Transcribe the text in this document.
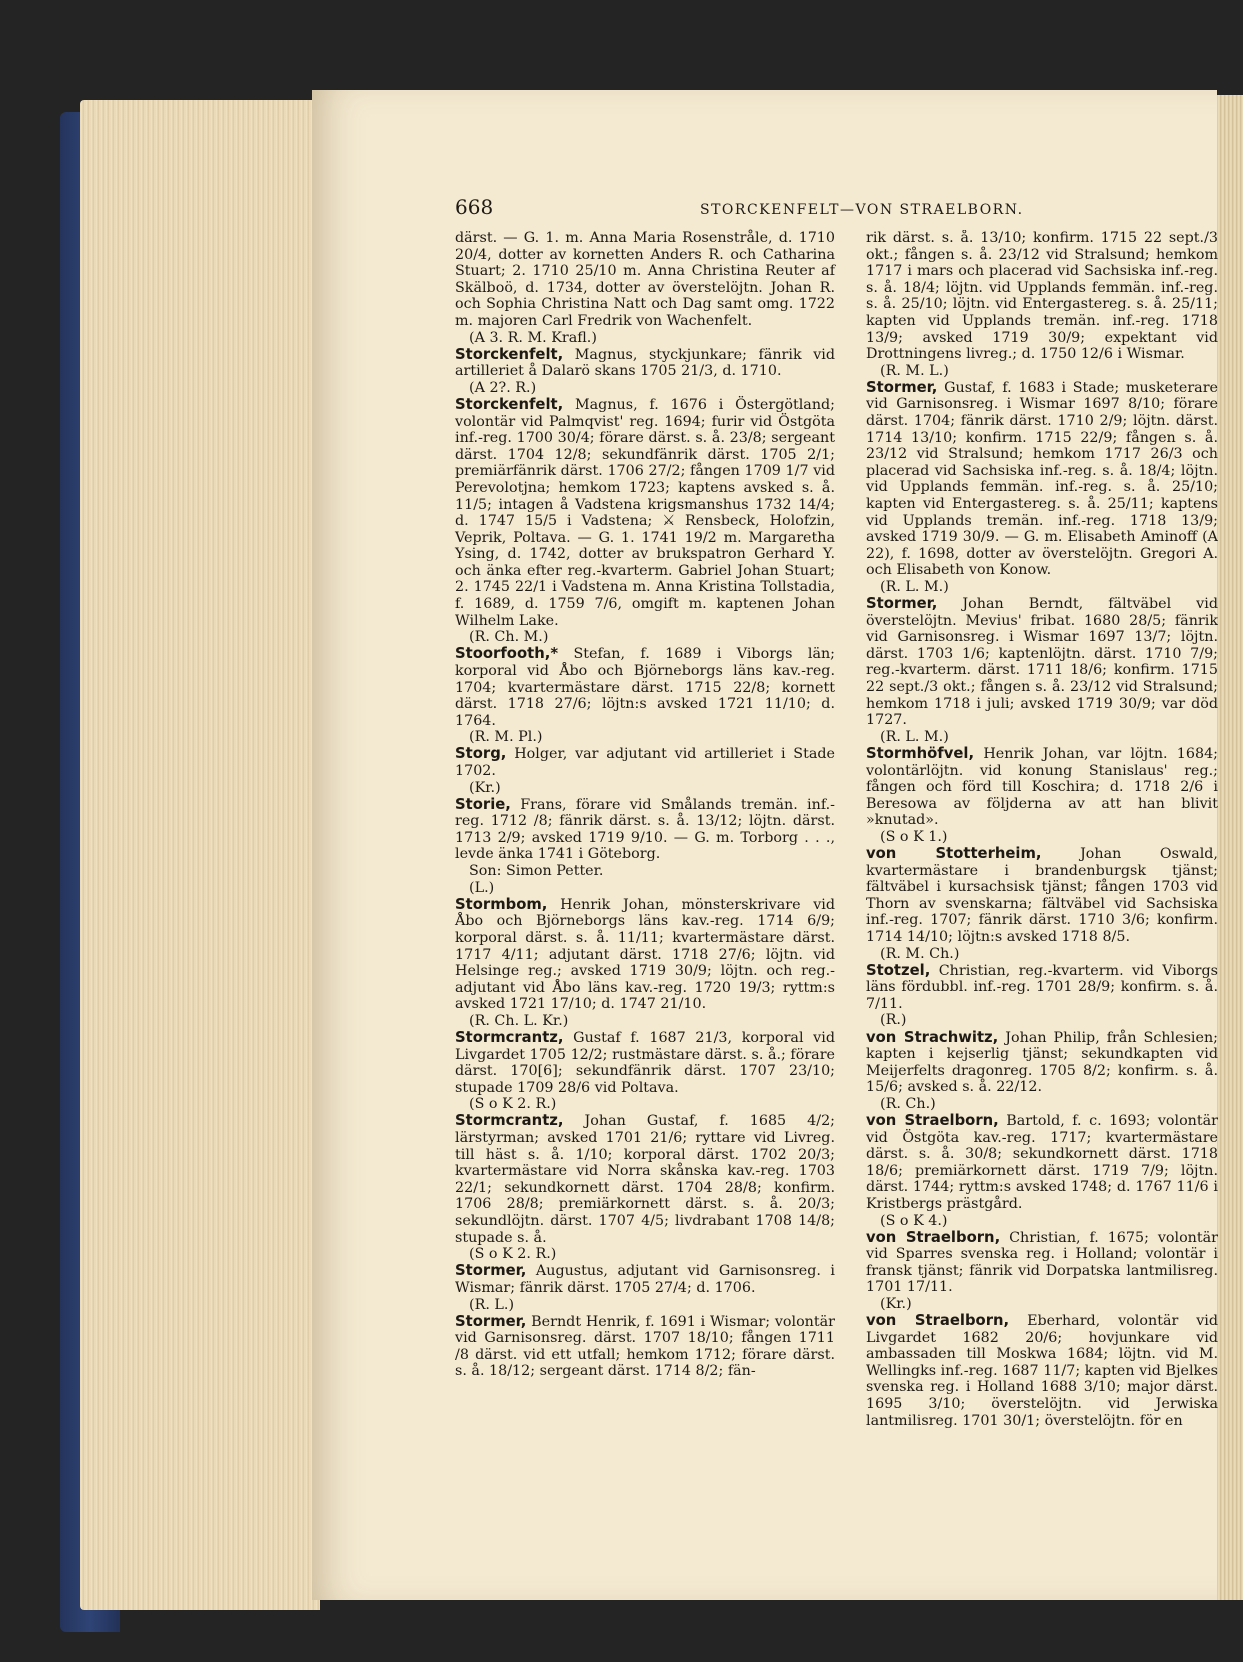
668	STORCKENFELT—VON STRAELBORN.

därst. — G. 1. m. Anna Maria Rosenstråle, d. 1710 20/4, dotter av kornetten Anders R. och Catharina Stuart; 2. 1710 25/10 m. Anna Christina Reuter af Skälboö, d. 1734, dotter av överstelöjtn. Johan R. och Sophia Christina Natt och Dag samt omg. 1722 m. majoren Carl Fredrik von Wachenfelt.

(A 3. R. M. Krafl.)

Storckenfelt, Magnus, styckjunkare; fänrik vid artilleriet å Dalarö skans 1705 21/3, d. 1710.

(A 2?. R.)

Storckenfelt, Magnus, f. 1676 i Östergötland; volontär vid Palmqvist' reg. 1694; furir vid Östgöta inf.-reg. 1700 30/4; förare därst. s. å. 23/8; sergeant därst. 1704 12/8; sekundfänrik därst. 1705 2/1; premiärfänrik därst. 1706 27/2; fången 1709 1/7 vid Perevolotjna; hemkom 1723; kaptens avsked s. å. 11/5; intagen å Vadstena krigsmanshus 1732 14/4; d. 1747 15/5 i Vadstena; ⚔ Rensbeck, Holofzin, Veprik, Poltava. — G. 1. 1741 19/2 m. Margaretha Ysing, d. 1742, dotter av brukspatron Gerhard Y. och änka efter reg.-kvarterm. Gabriel Johan Stuart; 2. 1745 22/1 i Vadstena m. Anna Kristina Tollstadia, f. 1689, d. 1759 7/6, omgift m. kaptenen Johan Wilhelm Lake.

(R. Ch. M.)

Stoorfooth,* Stefan, f. 1689 i Viborgs län; korporal vid Åbo och Björneborgs läns kav.-reg. 1704; kvartermästare därst. 1715 22/8; kornett därst. 1718 27/6; löjtn:s avsked 1721 11/10; d. 1764.

(R. M. Pl.)

Storg, Holger, var adjutant vid artilleriet i Stade 1702.

(Kr.)

Storie, Frans, förare vid Smålands tremän. inf.-reg. 1712 /8; fänrik därst. s. å. 13/12; löjtn. därst. 1713 2/9; avsked 1719 9/10. — G. m. Torborg . . ., levde änka 1741 i Göteborg.

Son: Simon Petter.

(L.)

Stormbom, Henrik Johan, mönsterskrivare vid Åbo och Björneborgs läns kav.-reg. 1714 6/9; korporal därst. s. å. 11/11; kvartermästare därst. 1717 4/11; adjutant därst. 1718 27/6; löjtn. vid Helsinge reg.; avsked 1719 30/9; löjtn. och reg.-adjutant vid Åbo läns kav.-reg. 1720 19/3; ryttm:s avsked 1721 17/10; d. 1747 21/10.

(R. Ch. L. Kr.)

Stormcrantz, Gustaf f. 1687 21/3, korporal vid Livgardet 1705 12/2; rustmästare därst. s. å.; förare därst. 170[6]; sekundfänrik därst. 1707 23/10; stupade 1709 28/6 vid Poltava.

(S o K 2. R.)

Stormcrantz, Johan Gustaf, f. 1685 4/2; lärstyrman; avsked 1701 21/6; ryttare vid Livreg. till häst s. å. 1/10; korporal därst. 1702 20/3; kvartermästare vid Norra skånska kav.-reg. 1703 22/1; sekundkornett därst. 1704 28/8; konfirm. 1706 28/8; premiärkornett därst. s. å. 20/3; sekundlöjtn. därst. 1707 4/5; livdrabant 1708 14/8; stupade s. å.

(S o K 2. R.)

Stormer, Augustus, adjutant vid Garnisonsreg. i Wismar; fänrik därst. 1705 27/4; d. 1706.

(R. L.)

Stormer, Berndt Henrik, f. 1691 i Wismar; volontär vid Garnisonsreg. därst. 1707 18/10; fången 1711 /8 därst. vid ett utfall; hemkom 1712; förare därst. s. å. 18/12; sergeant därst. 1714 8/2; fän-

rik därst. s. å. 13/10; konfirm. 1715 22 sept./3 okt.; fången s. å. 23/12 vid Stralsund; hemkom 1717 i mars och placerad vid Sachsiska inf.-reg. s. å. 18/4; löjtn. vid Upplands femmän. inf.-reg. s. å. 25/10; löjtn. vid Entergastereg. s. å. 25/11; kapten vid Upplands tremän. inf.-reg. 1718 13/9; avsked 1719 30/9; expektant vid Drottningens livreg.; d. 1750 12/6 i Wismar.

(R. M. L.)

Stormer, Gustaf, f. 1683 i Stade; musketerare vid Garnisonsreg. i Wismar 1697 8/10; förare därst. 1704; fänrik därst. 1710 2/9; löjtn. därst. 1714 13/10; konfirm. 1715 22/9; fången s. å. 23/12 vid Stralsund; hemkom 1717 26/3 och placerad vid Sachsiska inf.-reg. s. å. 18/4; löjtn. vid Upplands femmän. inf.-reg. s. å. 25/10; kapten vid Entergastereg. s. å. 25/11; kaptens vid Upplands tremän. inf.-reg. 1718 13/9; avsked 1719 30/9. — G. m. Elisabeth Aminoff (A 22), f. 1698, dotter av överstelöjtn. Gregori A. och Elisabeth von Konow.

(R. L. M.)

Stormer, Johan Berndt, fältväbel vid överstelöjtn. Mevius' fribat. 1680 28/5; fänrik vid Garnisonsreg. i Wismar 1697 13/7; löjtn. därst. 1703 1/6; kaptenlöjtn. därst. 1710 7/9; reg.-kvarterm. därst. 1711 18/6; konfirm. 1715 22 sept./3 okt.; fången s. å. 23/12 vid Stralsund; hemkom 1718 i juli; avsked 1719 30/9; var död 1727.

(R. L. M.)

Stormhöfvel, Henrik Johan, var löjtn. 1684; volontärlöjtn. vid konung Stanislaus' reg.; fången och förd till Koschira; d. 1718 2/6 i Beresowa av följderna av att han blivit »knutad».

(S o K 1.)

von Stotterheim, Johan Oswald, kvartermästare i brandenburgsk tjänst; fältväbel i kursachsisk tjänst; fången 1703 vid Thorn av svenskarna; fältväbel vid Sachsiska inf.-reg. 1707; fänrik därst. 1710 3/6; konfirm. 1714 14/10; löjtn:s avsked 1718 8/5.

(R. M. Ch.)

Stotzel, Christian, reg.-kvarterm. vid Viborgs läns fördubbl. inf.-reg. 1701 28/9; konfirm. s. å. 7/11.

(R.)

von Strachwitz, Johan Philip, från Schlesien; kapten i kejserlig tjänst; sekundkapten vid Meijerfelts dragonreg. 1705 8/2; konfirm. s. å. 15/6; avsked s. å. 22/12.

(R. Ch.)

von Straelborn, Bartold, f. c. 1693; volontär vid Östgöta kav.-reg. 1717; kvartermästare därst. s. å. 30/8; sekundkornett därst. 1718 18/6; premiärkornett därst. 1719 7/9; löjtn. därst. 1744; ryttm:s avsked 1748; d. 1767 11/6 i Kristbergs prästgård.

(S o K 4.)

von Straelborn, Christian, f. 1675; volontär vid Sparres svenska reg. i Holland; volontär i fransk tjänst; fänrik vid Dorpatska lantmilisreg. 1701 17/11.

(Kr.)

von Straelborn, Eberhard, volontär vid Livgardet 1682 20/6; hovjunkare vid ambassaden till Moskwa 1684; löjtn. vid M. Wellingks inf.-reg. 1687 11/7; kapten vid Bjelkes svenska reg. i Holland 1688 3/10; major därst. 1695 3/10; överstelöjtn. vid Jerwiska lantmilisreg. 1701 30/1; överstelöjtn. för en
